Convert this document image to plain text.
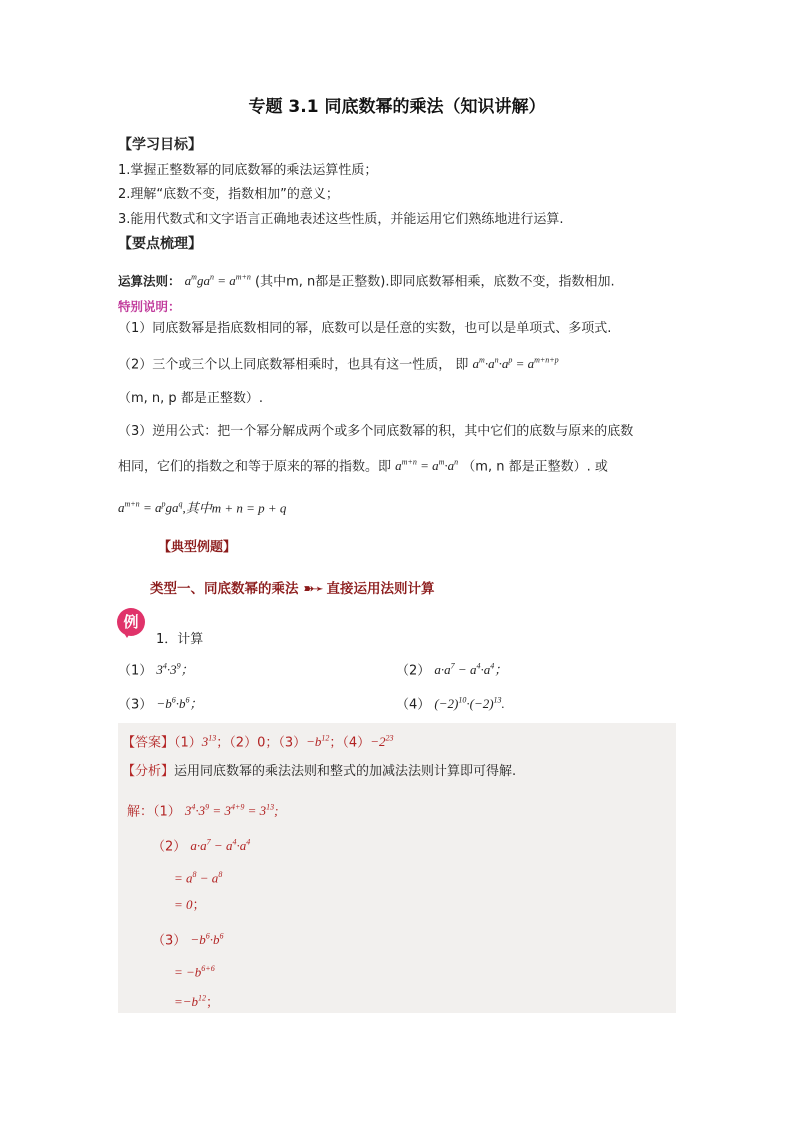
专题 3.1 同底数幂的乘法（知识讲解）
【学习目标】
1.掌握正整数幂的同底数幂的乘法运算性质；
2.理解“底数不变，指数相加”的意义；
3.能用代数式和文字语言正确地表述这些性质，并能运用它们熟练地进行运算.
【要点梳理】
运算法则： $a^mga^n = a^{m+n}$ (其中m, n都是正整数).即同底数幂相乘，底数不变，指数相加.
特别说明：
（1）同底数幂是指底数相同的幂，底数可以是任意的实数，也可以是单项式、多项式.
（2）三个或三个以上同底数幂相乘时，也具有这一性质， 即 $a^m\cdot a^n\cdot a^p = a^{m+n+p}$
（m, n, p 都是正整数）.
（3）逆用公式：把一个幂分解成两个或多个同底数幂的积，其中它们的底数与原来的底数
相同，它们的指数之和等于原来的幂的指数。即 $a^{m+n} = a^m\cdot a^n$ （m, n 都是正整数）. 或
$a^{m+n} = a^pga^q$,其中m + n = p + q
【典型例题】
类型一、同底数幂的乘法 ➽➛ 直接运用法则计算
例
1．计算
（1） $3^4\cdot 3^9$；	（2） $a\cdot a^7 - a^4\cdot a^4$；
$(3) -b^6\cdot b^6$；	（4） $(-2)^{10}\cdot(-2)^{13}$.
【答案】$(1)3^{13}$；（2）0；$(3)-b^{12}$；$(4)-2^{23}$
【分析】运用同底数幂的乘法法则和整式的加减法法则计算即可得解.
解：（1） $3^4\cdot 3^9 = 3^{4+9} = 3^{13}$;
（2） $a\cdot a^7 - a^4\cdot a^4$
= $a^8 - a^8$
= 0；
$(3) -b^6\cdot b^6$
= $-b^{6+6}$
$=-b^{12}$；
